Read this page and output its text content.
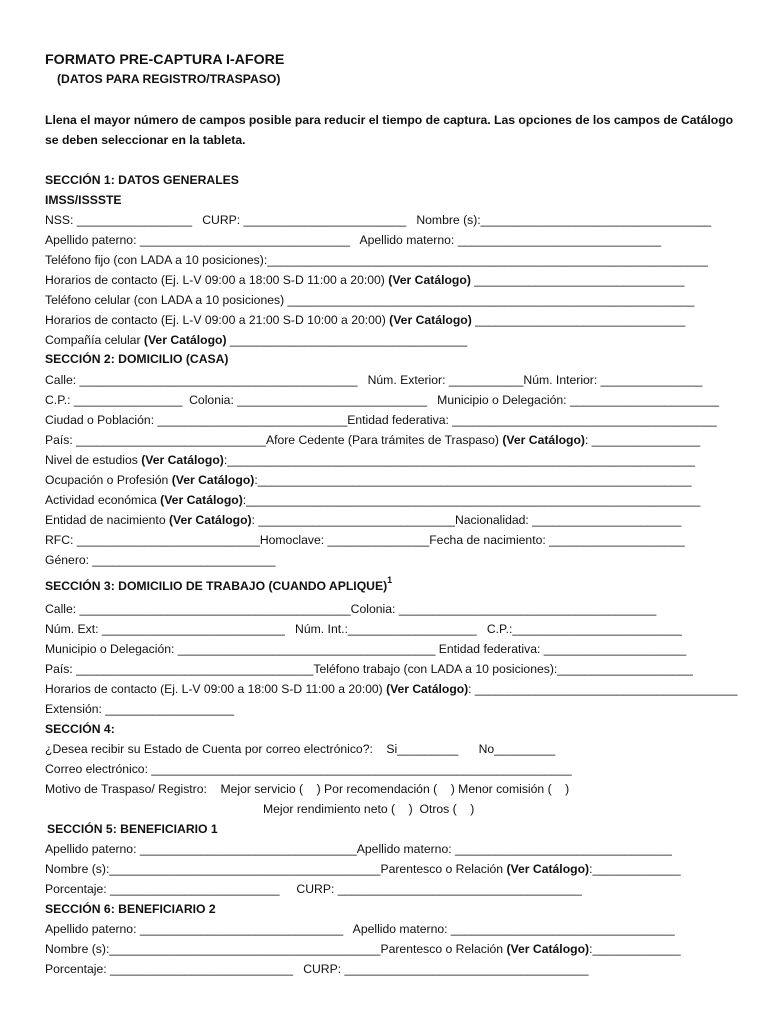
FORMATO PRE-CAPTURA I-AFORE
(DATOS PARA REGISTRO/TRASPASO)
Llena el mayor número de campos posible para reducir el tiempo de captura. Las opciones de los campos de Catálogo
se deben seleccionar en la tableta.
SECCIÓN 1: DATOS GENERALES
IMSS/ISSSTE
NSS: _________________   CURP: ________________________   Nombre (s):__________________________________
Apellido paterno: _______________________________   Apellido materno: ______________________________
Teléfono fijo (con LADA a 10 posiciones):_________________________________________________________________
Horarios de contacto (Ej. L-V 09:00 a 18:00 S-D 11:00 a 20:00) (Ver Catálogo) _______________________________
Teléfono celular (con LADA a 10 posiciones) ____________________________________________________________
Horarios de contacto (Ej. L-V 09:00 a 21:00 S-D 10:00 a 20:00) (Ver Catálogo) _______________________________
Compañía celular (Ver Catálogo) ___________________________________
SECCIÓN 2: DOMICILIO (CASA)
Calle: _________________________________________   Núm. Exterior: ___________Núm. Interior: _______________
C.P.: ________________  Colonia: ____________________________   Municipio o Delegación: ______________________
Ciudad o Población: ____________________________Entidad federativa: _______________________________________
País: ____________________________Afore Cedente (Para trámites de Traspaso) (Ver Catálogo): ________________
Nivel de estudios (Ver Catálogo):_____________________________________________________________________
Ocupación o Profesión (Ver Catálogo):________________________________________________________________
Actividad económica (Ver Catálogo):___________________________________________________________________
Entidad de nacimiento (Ver Catálogo): _____________________________Nacionalidad: ______________________
RFC: ___________________________Homoclave: _______________Fecha de nacimiento: ____________________
Género: ___________________________
SECCIÓN 3: DOMICILIO DE TRABAJO (CUANDO APLIQUE)$^1$
Calle: ________________________________________Colonia: ______________________________________
Núm. Ext: ___________________________   Núm. Int.:___________________   C.P.:_________________________
Municipio o Delegación: ______________________________________ Entidad federativa: _____________________
País: ___________________________________Teléfono trabajo (con LADA a 10 posiciones):____________________
Horarios de contacto (Ej. L-V 09:00 a 18:00 S-D 11:00 a 20:00) (Ver Catálogo): _______________________________________
Extensión: ___________________
SECCIÓN 4:
¿Desea recibir su Estado de Cuenta por correo electrónico?:    Si_________      No_________
Correo electrónico: ______________________________________________________________
Motivo de Traspaso/ Registro:    Mejor servicio (    ) Por recomendación (    ) Menor comisión (    )
Mejor rendimiento neto (    )  Otros (    )
SECCIÓN 5: BENEFICIARIO 1
Apellido paterno: ________________________________Apellido materno: ________________________________
Nombre (s):________________________________________Parentesco o Relación (Ver Catálogo):_____________
Porcentaje: _________________________     CURP: ____________________________________
SECCIÓN 6: BENEFICIARIO 2
Apellido paterno: ______________________________   Apellido materno: _________________________________
Nombre (s):________________________________________Parentesco o Relación (Ver Catálogo):_____________
Porcentaje: ___________________________   CURP: ____________________________________
